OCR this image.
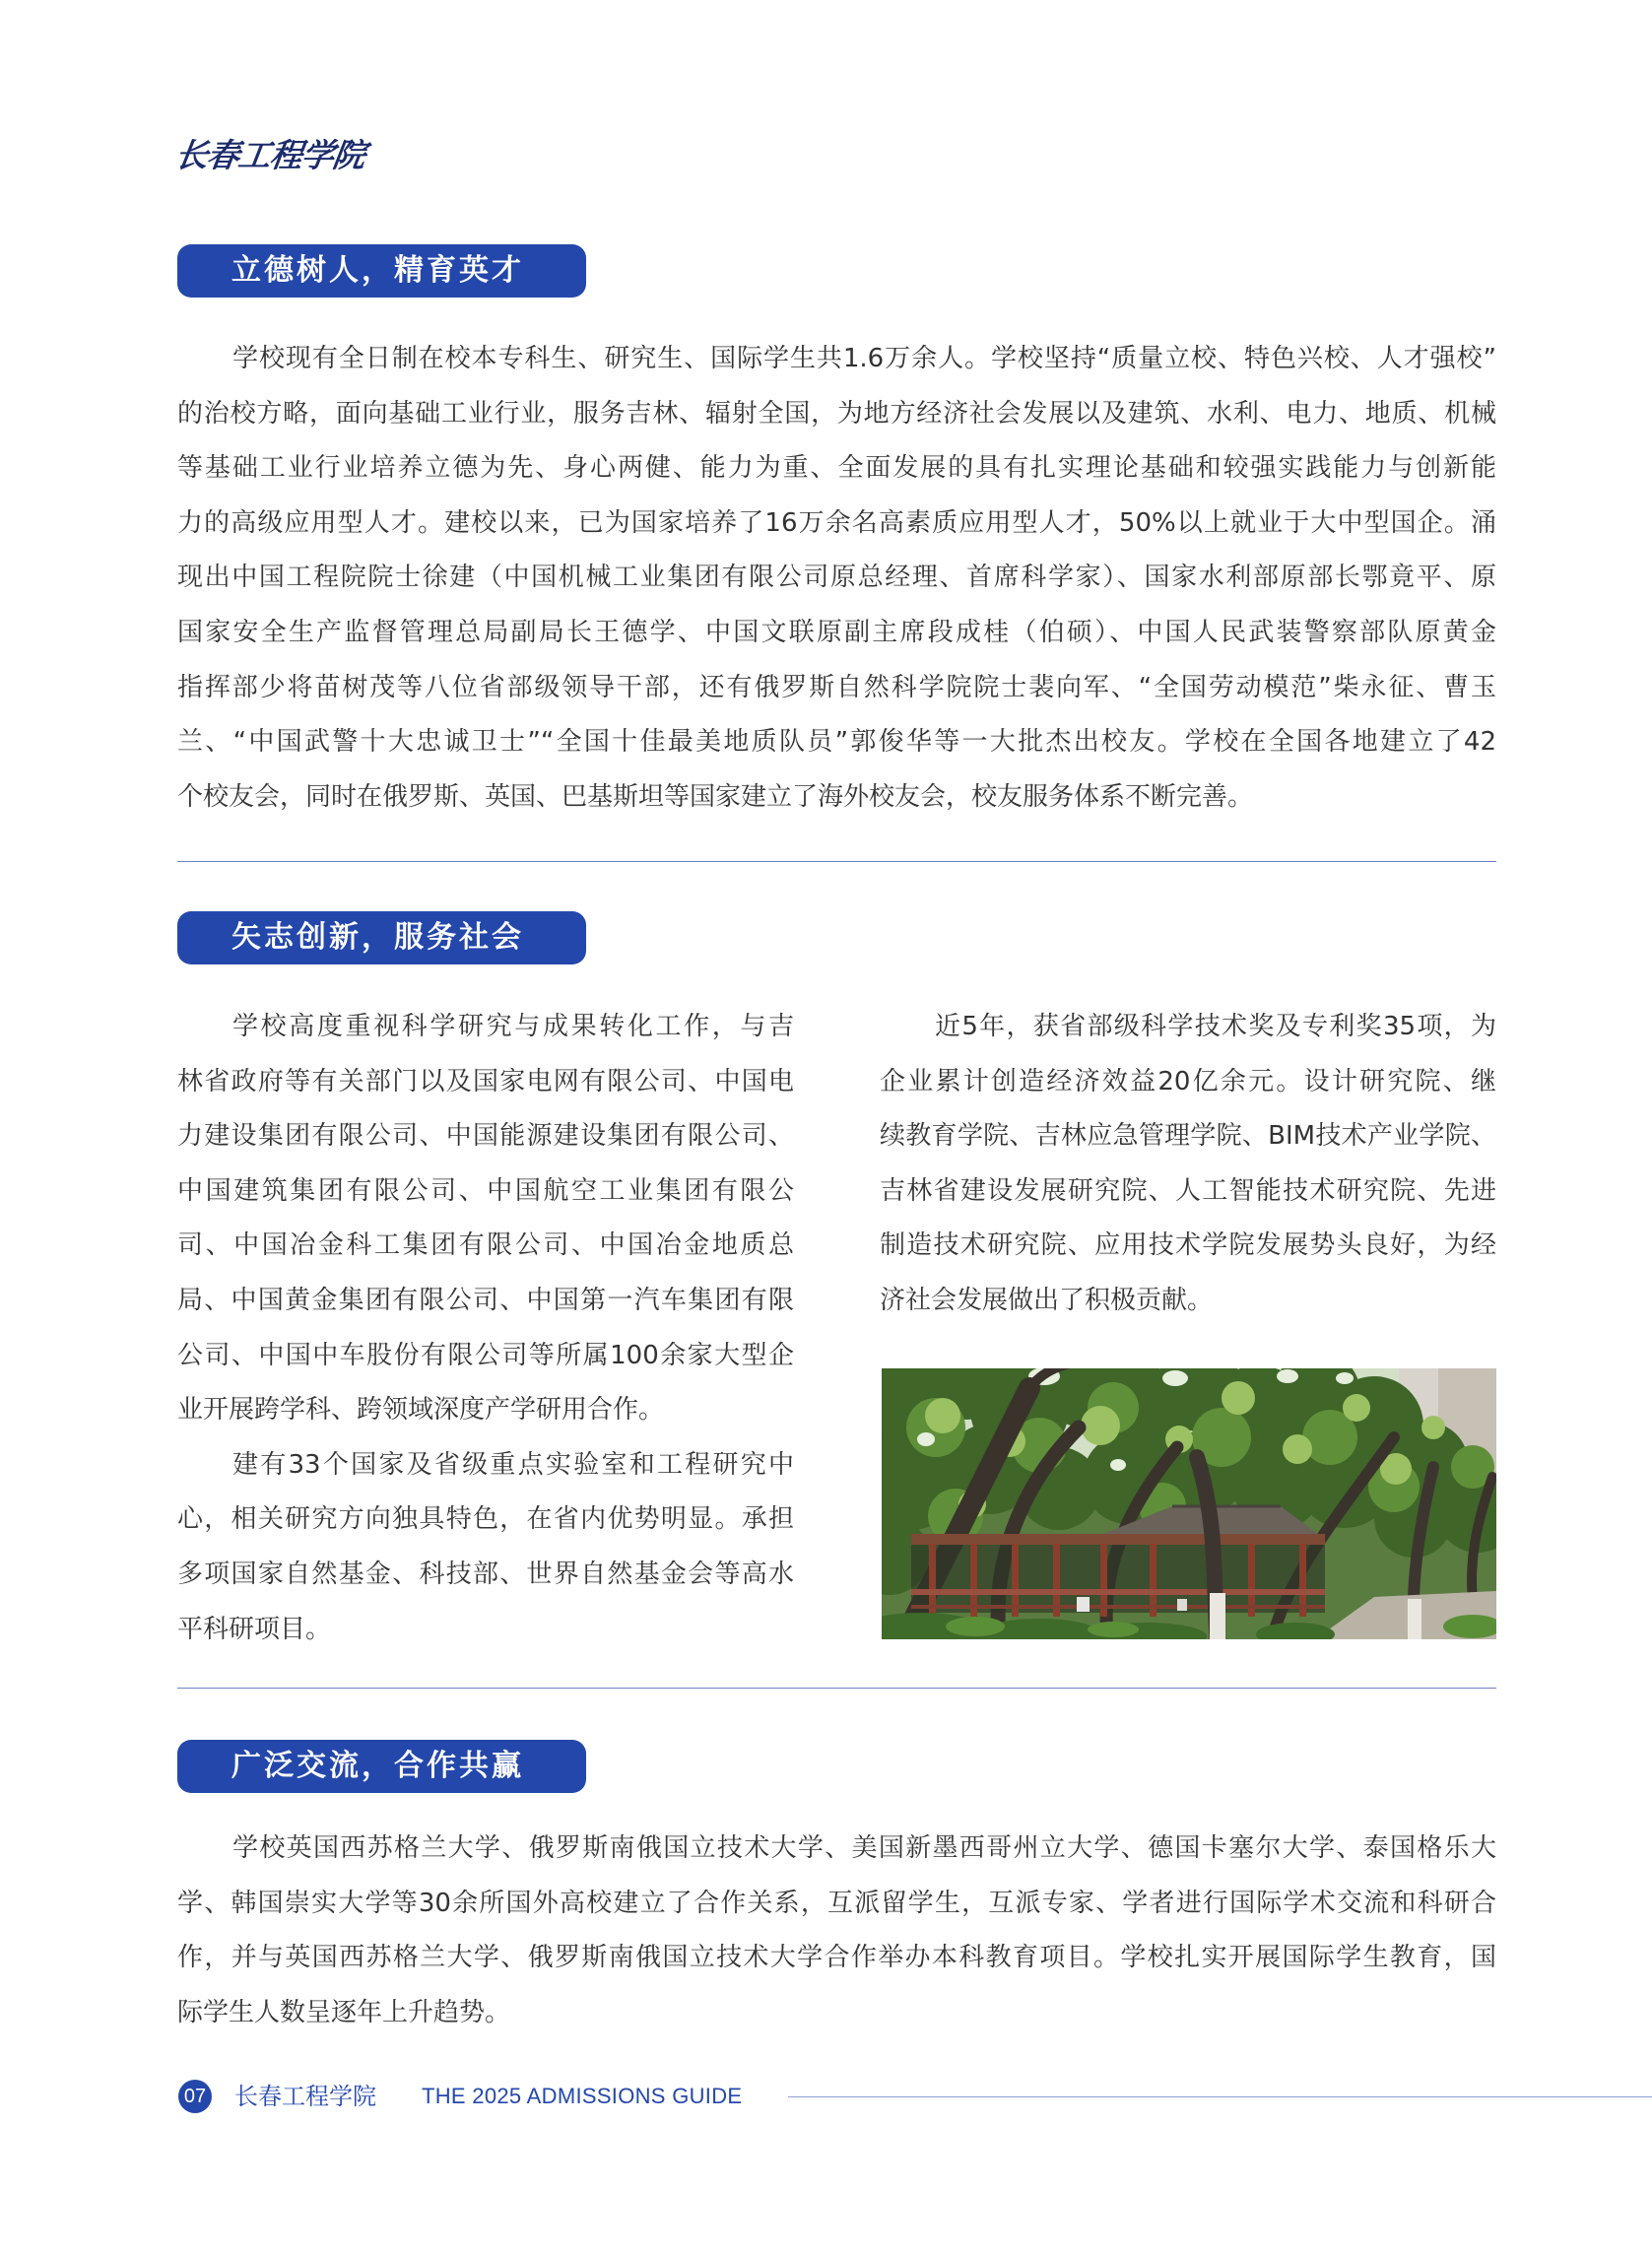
长春工程学院
立德树人，精育英才
学校现有全日制在校本专科生、研究生、国际学生共1.6万余人。学校坚持“质量立校、特色兴校、人才强校”
的治校方略，面向基础工业行业，服务吉林、辐射全国，为地方经济社会发展以及建筑、水利、电力、地质、机械
等基础工业行业培养立德为先、身心两健、能力为重、全面发展的具有扎实理论基础和较强实践能力与创新能
力的高级应用型人才。建校以来，已为国家培养了16万余名高素质应用型人才，50%以上就业于大中型国企。涌
现出中国工程院院士徐建（中国机械工业集团有限公司原总经理、首席科学家）、国家水利部原部长鄂竟平、原
国家安全生产监督管理总局副局长王德学、中国文联原副主席段成桂（伯硕）、中国人民武装警察部队原黄金
指挥部少将苗树茂等八位省部级领导干部，还有俄罗斯自然科学院院士裴向军、“全国劳动模范”柴永征、曹玉
兰、“中国武警十大忠诚卫士”“全国十佳最美地质队员”郭俊华等一大批杰出校友。学校在全国各地建立了42
个校友会，同时在俄罗斯、英国、巴基斯坦等国家建立了海外校友会，校友服务体系不断完善。
矢志创新，服务社会
学校高度重视科学研究与成果转化工作，与吉
林省政府等有关部门以及国家电网有限公司、中国电
力建设集团有限公司、中国能源建设集团有限公司、
中国建筑集团有限公司、中国航空工业集团有限公
司、中国冶金科工集团有限公司、中国冶金地质总
局、中国黄金集团有限公司、中国第一汽车集团有限
公司、中国中车股份有限公司等所属100余家大型企
业开展跨学科、跨领域深度产学研用合作。
建有33个国家及省级重点实验室和工程研究中
心，相关研究方向独具特色，在省内优势明显。承担
多项国家自然基金、科技部、世界自然基金会等高水
平科研项目。
近5年，获省部级科学技术奖及专利奖35项，为
企业累计创造经济效益20亿余元。设计研究院、继
续教育学院、吉林应急管理学院、BIM技术产业学院、
吉林省建设发展研究院、人工智能技术研究院、先进
制造技术研究院、应用技术学院发展势头良好，为经
济社会发展做出了积极贡献。
广泛交流，合作共赢
学校英国西苏格兰大学、俄罗斯南俄国立技术大学、美国新墨西哥州立大学、德国卡塞尔大学、泰国格乐大
学、韩国崇实大学等30余所国外高校建立了合作关系，互派留学生，互派专家、学者进行国际学术交流和科研合
作，并与英国西苏格兰大学、俄罗斯南俄国立技术大学合作举办本科教育项目。学校扎实开展国际学生教育，国
际学生人数呈逐年上升趋势。
07 长春工程学院 THE 2025 ADMISSIONS GUIDE
